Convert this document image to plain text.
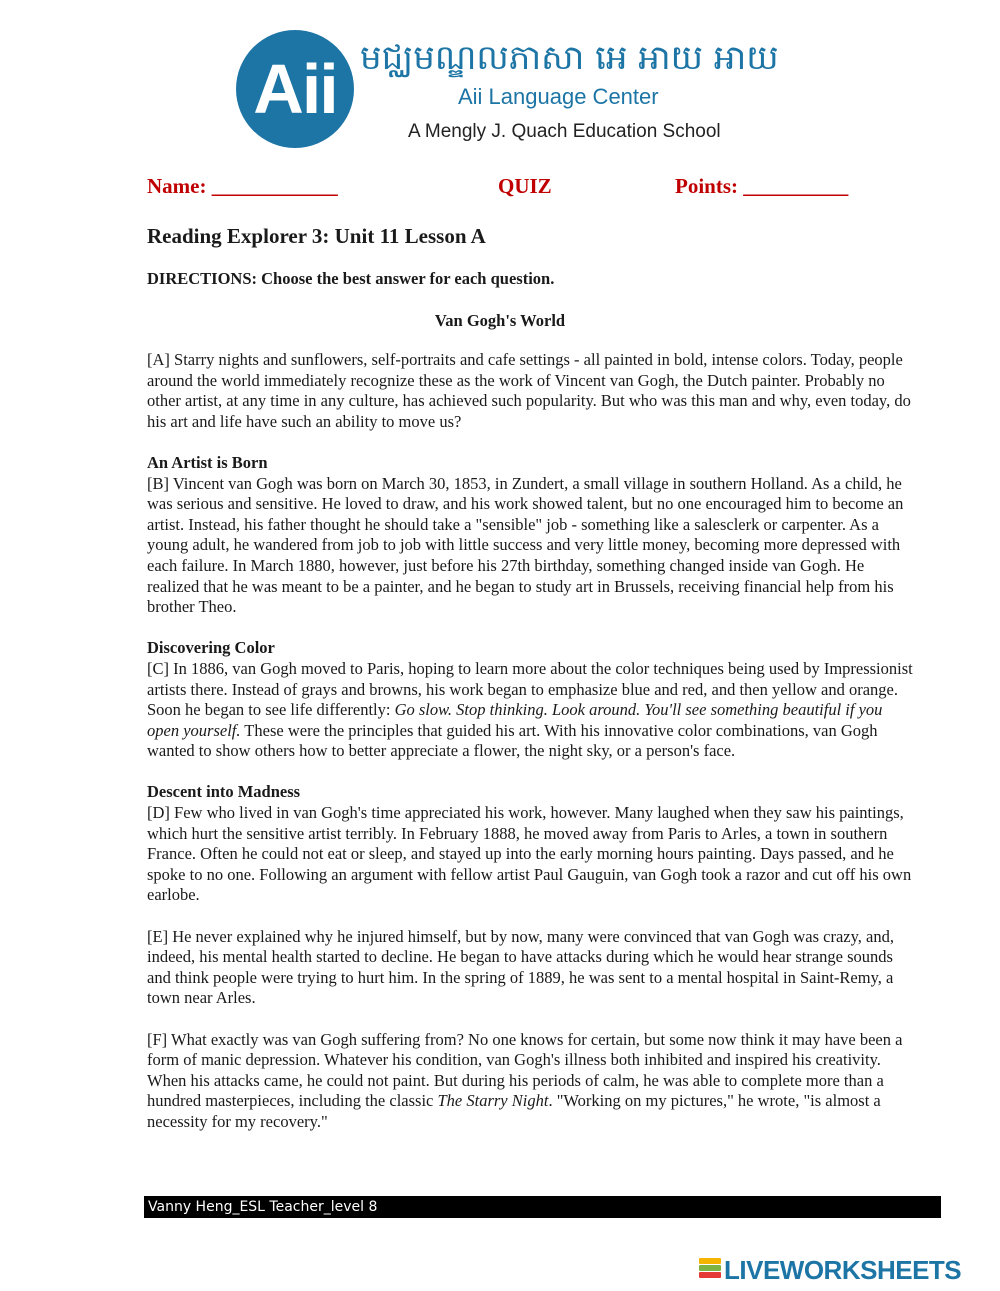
Aii មជ្ឈមណ្ឌលភាសា អេ អាយ អាយ
Aii Language Center
A Mengly J. Quach Education School
Name: ____________	QUIZ	Points: __________
Reading Explorer 3: Unit 11 Lesson A
DIRECTIONS: Choose the best answer for each question.
Van Gogh's World

[A] Starry nights and sunflowers, self-portraits and cafe settings - all painted in bold, intense colors. Today, people around the world immediately recognize these as the work of Vincent van Gogh, the Dutch painter. Probably no other artist, at any time in any culture, has achieved such popularity. But who was this man and why, even today, do his art and life have such an ability to move us?

An Artist is Born

[B] Vincent van Gogh was born on March 30, 1853, in Zundert, a small village in southern Holland. As a child, he was serious and sensitive. He loved to draw, and his work showed talent, but no one encouraged him to become an artist. Instead, his father thought he should take a "sensible" job - something like a salesclerk or carpenter. As a young adult, he wandered from job to job with little success and very little money, becoming more depressed with each failure. In March 1880, however, just before his 27th birthday, something changed inside van Gogh. He realized that he was meant to be a painter, and he began to study art in Brussels, receiving financial help from his brother Theo.

Discovering Color

[C] In 1886, van Gogh moved to Paris, hoping to learn more about the color techniques being used by Impressionist artists there. Instead of grays and browns, his work began to emphasize blue and red, and then yellow and orange. Soon he began to see life differently: Go slow. Stop thinking. Look around. You'll see something beautiful if you open yourself. These were the principles that guided his art. With his innovative color combinations, van Gogh wanted to show others how to better appreciate a flower, the night sky, or a person's face.

Descent into Madness

[D] Few who lived in van Gogh's time appreciated his work, however. Many laughed when they saw his paintings, which hurt the sensitive artist terribly. In February 1888, he moved away from Paris to Arles, a town in southern France. Often he could not eat or sleep, and stayed up into the early morning hours painting. Days passed, and he spoke to no one. Following an argument with fellow artist Paul Gauguin, van Gogh took a razor and cut off his own earlobe.

[E] He never explained why he injured himself, but by now, many were convinced that van Gogh was crazy, and, indeed, his mental health started to decline. He began to have attacks during which he would hear strange sounds and think people were trying to hurt him. In the spring of 1889, he was sent to a mental hospital in Saint-Remy, a town near Arles.

[F] What exactly was van Gogh suffering from? No one knows for certain, but some now think it may have been a form of manic depression. Whatever his condition, van Gogh's illness both inhibited and inspired his creativity. When his attacks came, he could not paint. But during his periods of calm, he was able to complete more than a hundred masterpieces, including the classic The Starry Night. "Working on my pictures," he wrote, "is almost a necessity for my recovery."

Vanny Heng_ESL Teacher_level 8
LIVEWORKSHEETS
